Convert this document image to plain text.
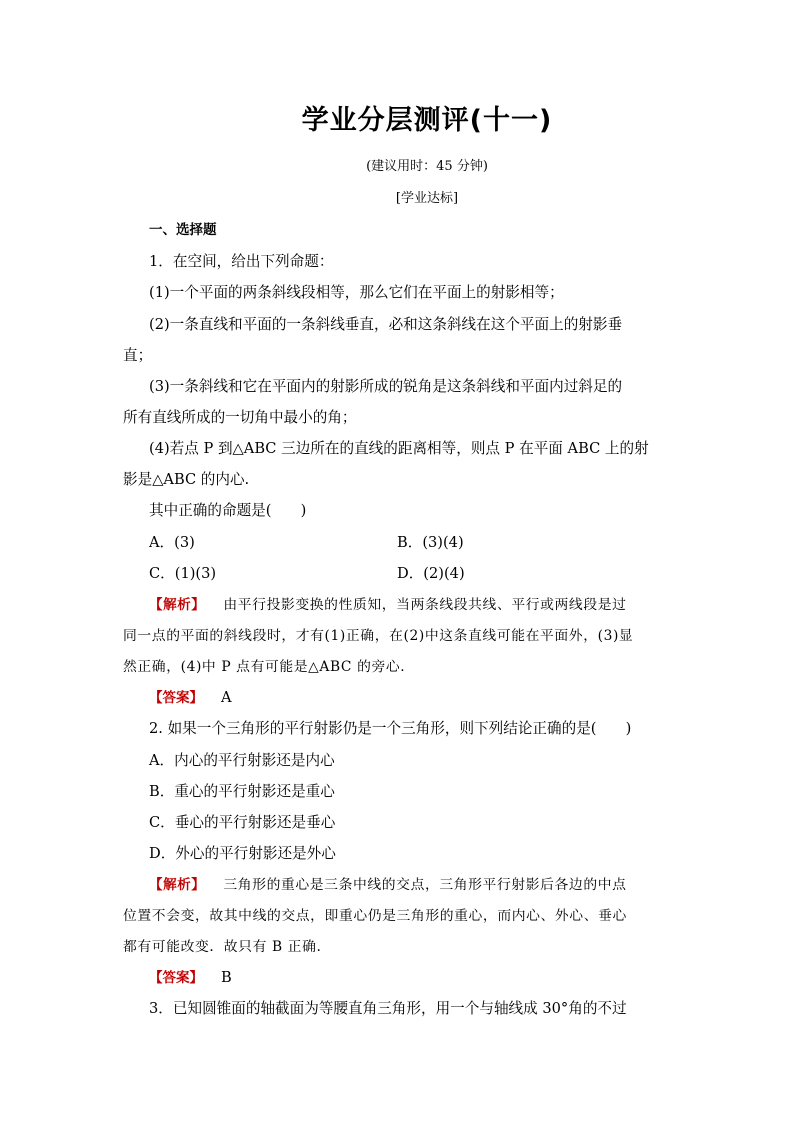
学业分层测评(十一)
(建议用时：45 分钟)
[学业达标]
一、选择题
1．在空间，给出下列命题：
(1)一个平面的两条斜线段相等，那么它们在平面上的射影相等；
(2)一条直线和平面的一条斜线垂直，必和这条斜线在这个平面上的射影垂
直；
(3)一条斜线和它在平面内的射影所成的锐角是这条斜线和平面内过斜足的
所有直线所成的一切角中最小的角；
(4)若点 P 到△ABC 三边所在的直线的距离相等，则点 P 在平面 ABC 上的射
影是△ABC 的内心.
其中正确的命题是(　　)
A．(3)	B．(3)(4)
C．(1)(3)	D．(2)(4)
【解析】 由平行投影变换的性质知，当两条线段共线、平行或两线段是过
同一点的平面的斜线段时，才有(1)正确，在(2)中这条直线可能在平面外，(3)显
然正确，(4)中 P 点有可能是△ABC 的旁心.
【答案】 A
2. 如果一个三角形的平行射影仍是一个三角形，则下列结论正确的是(　　)
A．内心的平行射影还是内心
B．重心的平行射影还是重心
C．垂心的平行射影还是垂心
D．外心的平行射影还是外心
【解析】 三角形的重心是三条中线的交点，三角形平行射影后各边的中点
位置不会变，故其中线的交点，即重心仍是三角形的重心，而内心、外心、垂心
都有可能改变．故只有 B 正确.
【答案】 B
3．已知圆锥面的轴截面为等腰直角三角形，用一个与轴线成 30°角的不过
